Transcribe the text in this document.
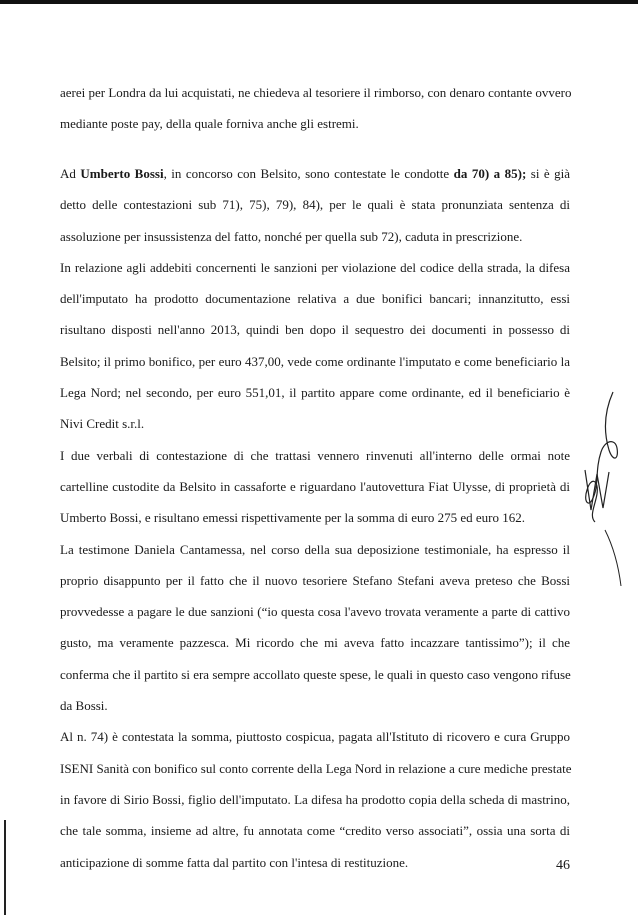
aerei per Londra da lui acquistati, ne chiedeva al tesoriere il rimborso, con denaro contante ovvero
mediante poste pay, della quale forniva anche gli estremi.
Ad Umberto Bossi, in concorso con Belsito, sono contestate le condotte da 70) a 85); si è già
detto delle contestazioni sub 71), 75), 79), 84), per le quali è stata pronunziata sentenza di
assoluzione per insussistenza del fatto, nonché per quella sub 72), caduta in prescrizione.
In relazione agli addebiti concernenti le sanzioni per violazione del codice della strada, la difesa
dell'imputato ha prodotto documentazione relativa a due bonifici bancari; innanzitutto, essi
risultano disposti nell'anno 2013, quindi ben dopo il sequestro dei documenti in possesso di
Belsito; il primo bonifico, per euro 437,00, vede come ordinante l'imputato e come beneficiario la
Lega Nord; nel secondo, per euro 551,01, il partito appare come ordinante, ed il beneficiario è
Nivi Credit s.r.l.
I due verbali di contestazione di che trattasi vennero rinvenuti all'interno delle ormai note
cartelline custodite da Belsito in cassaforte e riguardano l'autovettura Fiat Ulysse, di proprietà di
Umberto Bossi, e risultano emessi rispettivamente per la somma di euro 275 ed euro 162.
La testimone Daniela Cantamessa, nel corso della sua deposizione testimoniale, ha espresso il
proprio disappunto per il fatto che il nuovo tesoriere Stefano Stefani aveva preteso che Bossi
provvedesse a pagare le due sanzioni (“io questa cosa l'avevo trovata veramente a parte di cattivo
gusto, ma veramente pazzesca. Mi ricordo che mi aveva fatto incazzare tantissimo”); il che
conferma che il partito si era sempre accollato queste spese, le quali in questo caso vengono rifuse
da Bossi.
Al n. 74) è contestata la somma, piuttosto cospicua, pagata all'Istituto di ricovero e cura Gruppo
ISENI Sanità con bonifico sul conto corrente della Lega Nord in relazione a cure mediche prestate
in favore di Sirio Bossi, figlio dell'imputato. La difesa ha prodotto copia della scheda di mastrino,
che tale somma, insieme ad altre, fu annotata come “credito verso associati”, ossia una sorta di
anticipazione di somme fatta dal partito con l'intesa di restituzione.	46
